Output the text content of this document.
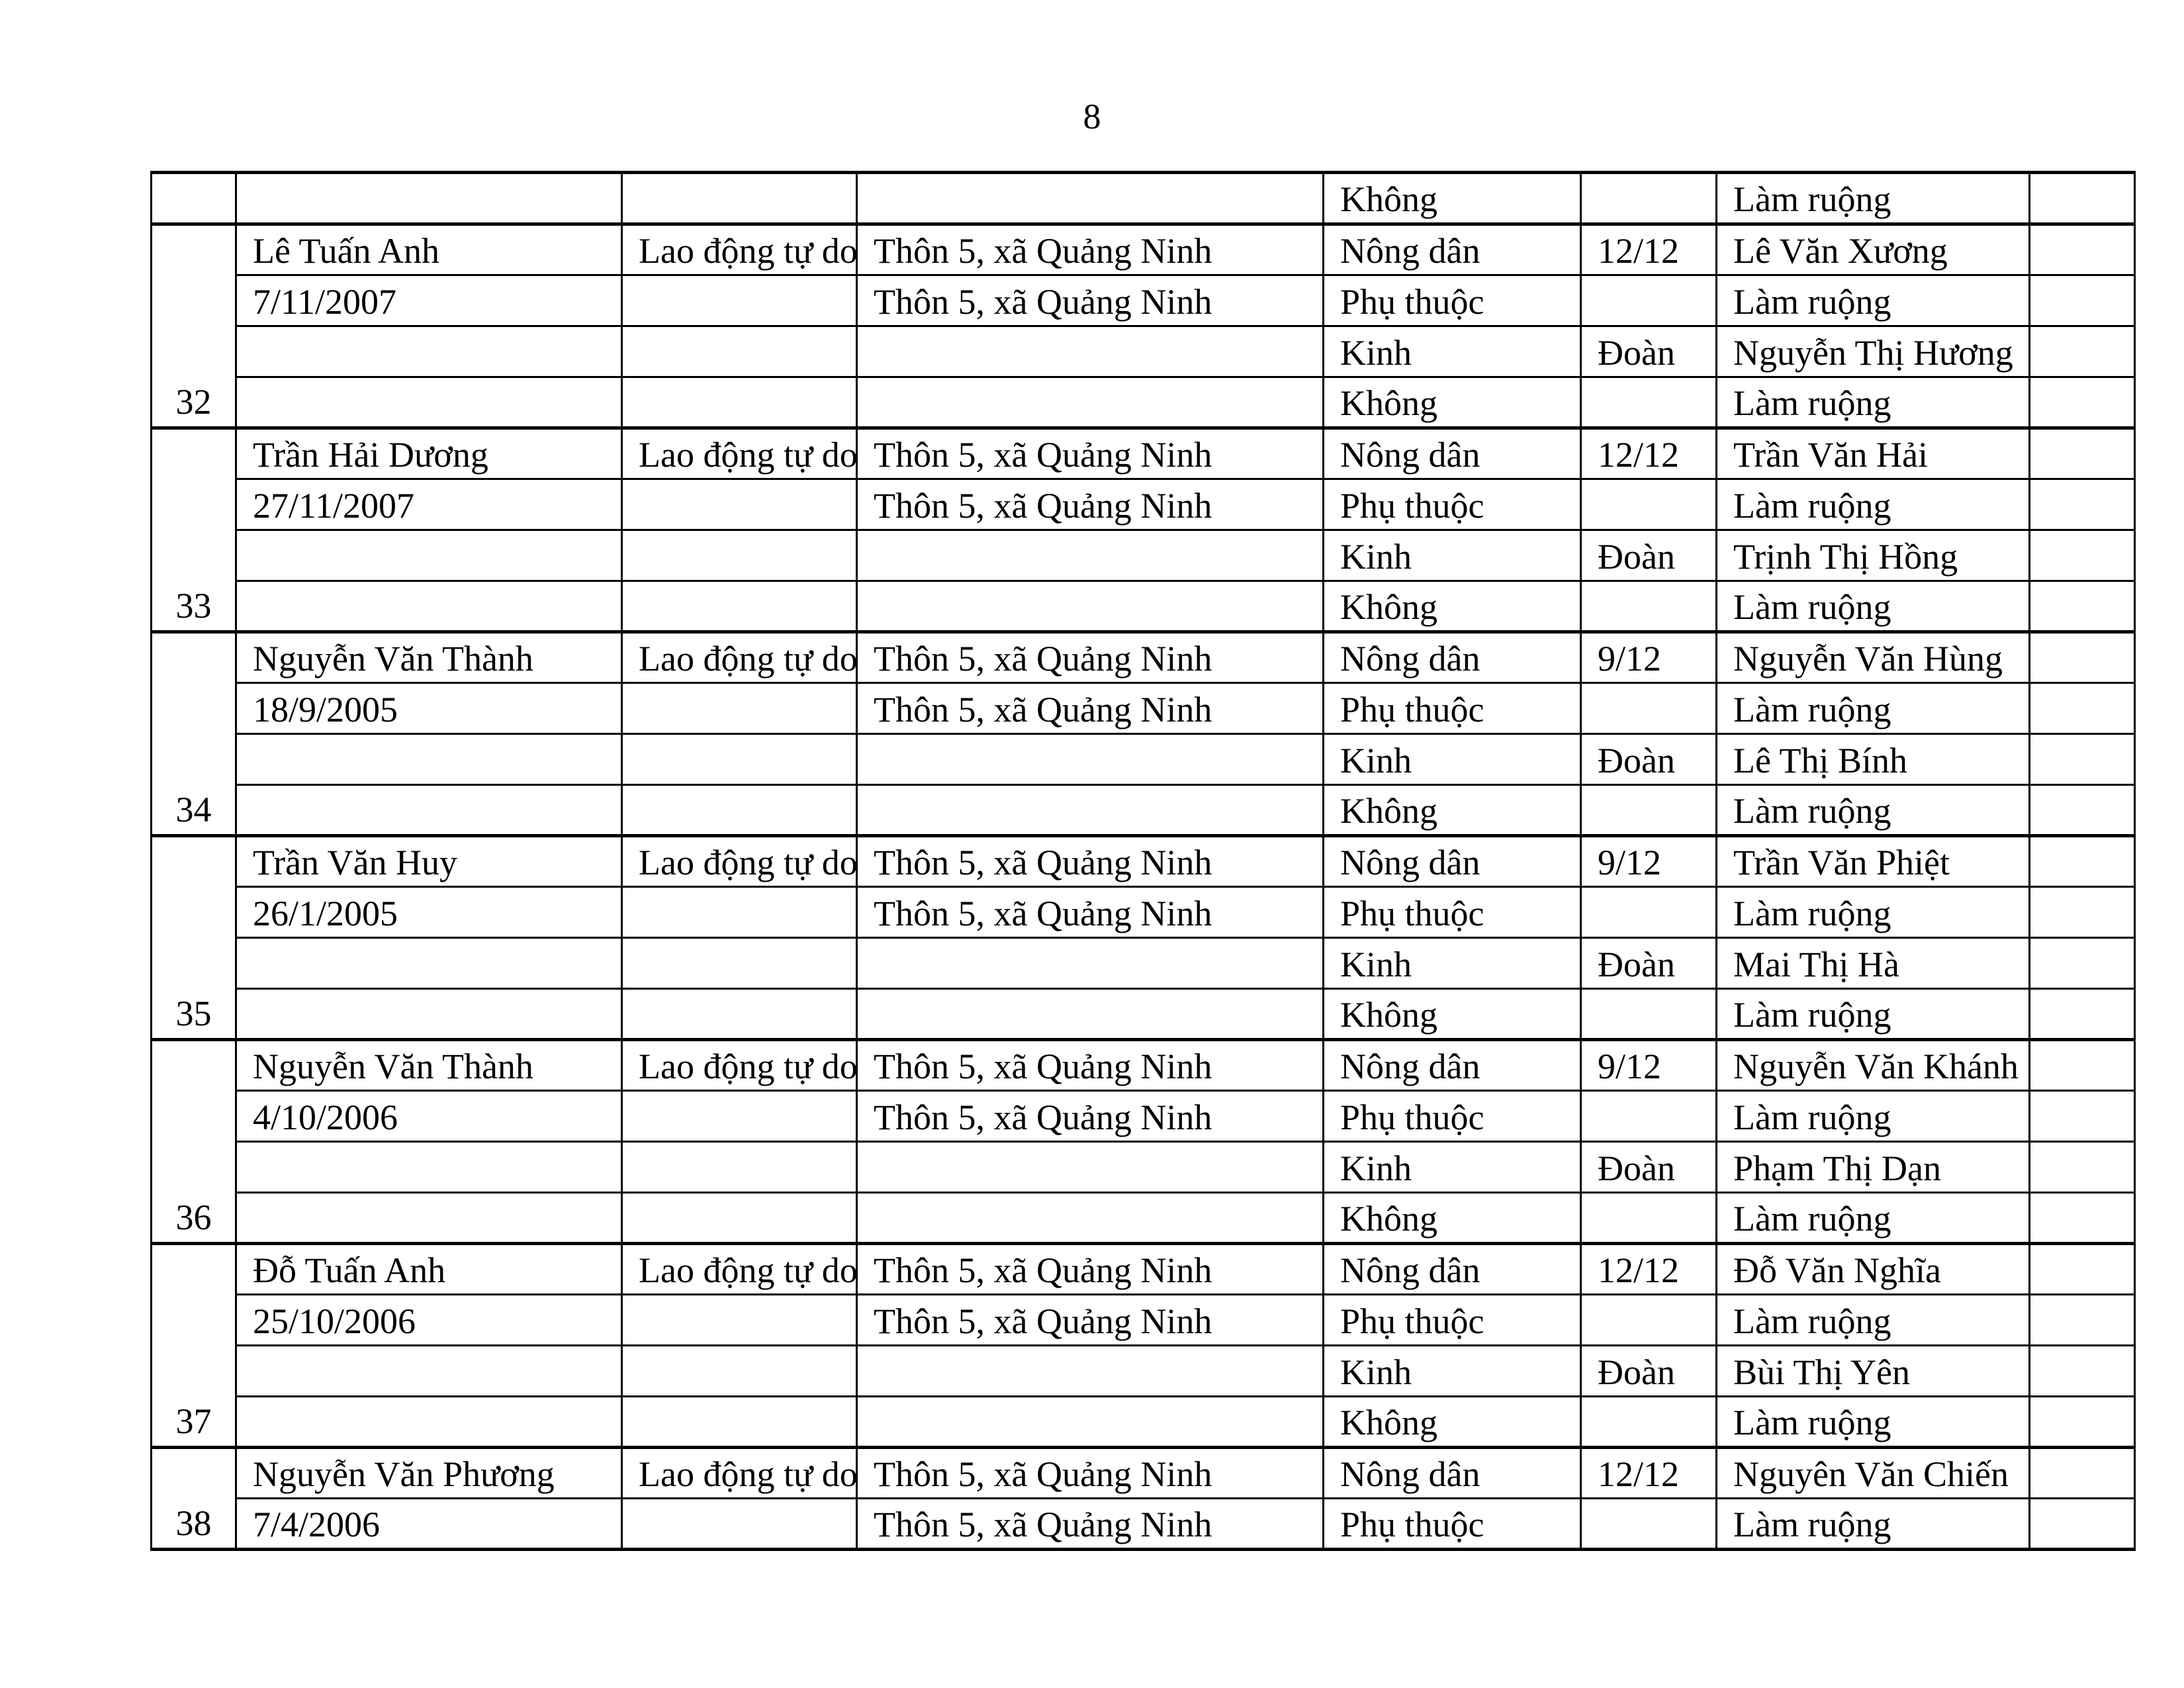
8
				Không		Làm ruộng	
32	Lê Tuấn Anh	Lao động tự do	Thôn 5, xã Quảng Ninh	Nông dân	12/12	Lê Văn Xương	
	7/11/2007		Thôn 5, xã Quảng Ninh	Phụ thuộc		Làm ruộng	
				Kinh	Đoàn	Nguyễn Thị Hương	
				Không		Làm ruộng	
33	Trần Hải Dương	Lao động tự do	Thôn 5, xã Quảng Ninh	Nông dân	12/12	Trần Văn Hải	
	27/11/2007		Thôn 5, xã Quảng Ninh	Phụ thuộc		Làm ruộng	
				Kinh	Đoàn	Trịnh Thị Hồng	
				Không		Làm ruộng	
34	Nguyễn Văn Thành	Lao động tự do	Thôn 5, xã Quảng Ninh	Nông dân	9/12	Nguyễn Văn Hùng	
	18/9/2005		Thôn 5, xã Quảng Ninh	Phụ thuộc		Làm ruộng	
				Kinh	Đoàn	Lê Thị Bính	
				Không		Làm ruộng	
35	Trần Văn Huy	Lao động tự do	Thôn 5, xã Quảng Ninh	Nông dân	9/12	Trần Văn Phiệt	
	26/1/2005		Thôn 5, xã Quảng Ninh	Phụ thuộc		Làm ruộng	
				Kinh	Đoàn	Mai Thị Hà	
				Không		Làm ruộng	
36	Nguyễn Văn Thành	Lao động tự do	Thôn 5, xã Quảng Ninh	Nông dân	9/12	Nguyễn Văn Khánh	
	4/10/2006		Thôn 5, xã Quảng Ninh	Phụ thuộc		Làm ruộng	
				Kinh	Đoàn	Phạm Thị Dạn	
				Không		Làm ruộng	
37	Đỗ Tuấn Anh	Lao động tự do	Thôn 5, xã Quảng Ninh	Nông dân	12/12	Đỗ Văn Nghĩa	
	25/10/2006		Thôn 5, xã Quảng Ninh	Phụ thuộc		Làm ruộng	
				Kinh	Đoàn	Bùi Thị Yên	
				Không		Làm ruộng	
38	Nguyễn Văn Phương	Lao động tự do	Thôn 5, xã Quảng Ninh	Nông dân	12/12	Nguyên Văn Chiến	
	7/4/2006		Thôn 5, xã Quảng Ninh	Phụ thuộc		Làm ruộng	
